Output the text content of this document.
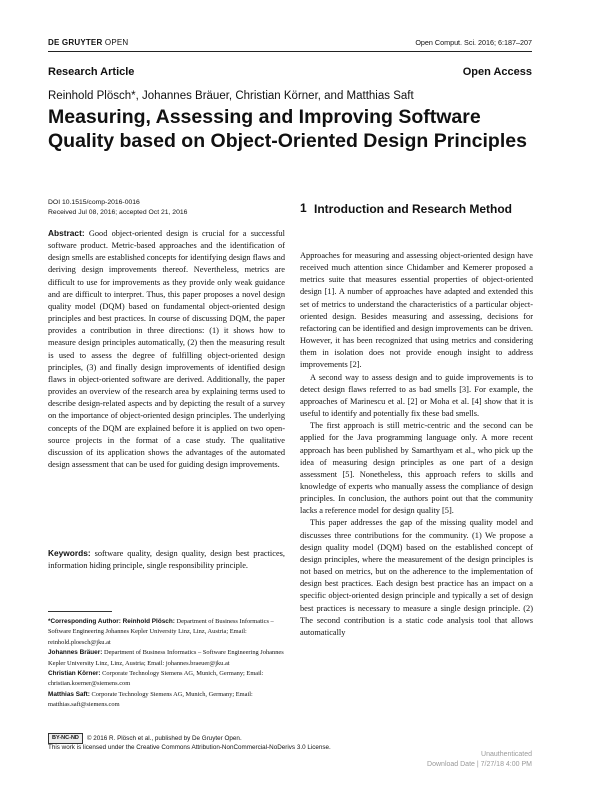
DE GRUYTER OPEN	Open Comput. Sci. 2016; 6:187–207
Research Article	Open Access
Reinhold Plösch*, Johannes Bräuer, Christian Körner, and Matthias Saft
Measuring, Assessing and Improving Software Quality based on Object-Oriented Design Principles
DOI 10.1515/comp-2016-0016
Received Jul 08, 2016; accepted Oct 21, 2016
Abstract: Good object-oriented design is crucial for a successful software product. Metric-based approaches and the identification of design smells are established concepts for identifying design flaws and deriving design improvements thereof. Nevertheless, metrics are difficult to use for improvements as they provide only weak guidance and are difficult to interpret. Thus, this paper proposes a novel design quality model (DQM) based on fundamental object-oriented design principles and best practices. In course of discussing DQM, the paper provides a contribution in three directions: (1) it shows how to measure design principles automatically, (2) then the measuring result is used to assess the degree of fulfilling object-oriented design principles, (3) and finally design improvements of identified design flaws in object-oriented software are derived. Additionally, the paper provides an overview of the research area by explaining terms used to describe design-related aspects and by depicting the result of a survey on the importance of object-oriented design principles. The underlying concepts of the DQM are explained before it is applied on two open-source projects in the format of a case study. The qualitative discussion of its application shows the advantages of the automated design assessment that can be used for guiding design improvements.
Keywords: software quality, design quality, design best practices, information hiding principle, single responsibility principle.
*Corresponding Author: Reinhold Plösch: Department of Business Informatics – Software Engineering Johannes Kepler University Linz, Linz, Austria; Email: reinhold.ploesch@jku.at
Johannes Bräuer: Department of Business Informatics – Software Engineering Johannes Kepler University Linz, Linz, Austria; Email: johannes.braeuer@jku.at
Christian Körner: Corporate Technology Siemens AG, Munich, Germany; Email: christian.koerner@siemens.com
Matthias Saft: Corporate Technology Siemens AG, Munich, Germany; Email: matthias.saft@siemens.com
1 Introduction and Research Method

Approaches for measuring and assessing object-oriented design have received much attention since Chidamber and Kemerer proposed a metrics suite that measures essential properties of object-oriented design [1]. A number of approaches have adapted and extended this set of metrics to understand the characteristics of a particular object-oriented design. Besides measuring and assessing, decisions for refactoring can be identified and design improvements can be driven. However, it has been recognized that using metrics and considering them in isolation does not provide enough insight to address improvements [2].

A second way to assess design and to guide improvements is to detect design flaws referred to as bad smells [3]. For example, the approaches of Marinescu et al. [2] or Moha et al. [4] show that it is useful to identify and potentially fix these bad smells.

The first approach is still metric-centric and the second can be applied for the Java programming language only. A more recent approach has been published by Samarthyam et al., who pick up the idea of measuring design principles as one part of a design assessment [5]. Nonetheless, this approach refers to skills and knowledge of experts who manually assess the compliance of design principles. In conclusion, the authors point out that the community lacks a reference model for design quality [5].

This paper addresses the gap of the missing quality model and discusses three contributions for the community. (1) We propose a design quality model (DQM) based on the established concept of design principles, where the measurement of the design principles is not based on metrics, but on the adherence to the implementation of design best practices. Each design best practice has an impact on a specific object-oriented design principle and typically a set of design best practices is necessary to measure a single design principle. (2) The second contribution is a static code analysis tool that allows automatically

BY-NC-ND © 2016 R. Plösch et al., published by De Gruyter Open.
This work is licensed under the Creative Commons Attribution-NonCommercial-NoDerivs 3.0 License.
Unauthenticated
Download Date | 7/27/18 4:00 PM
